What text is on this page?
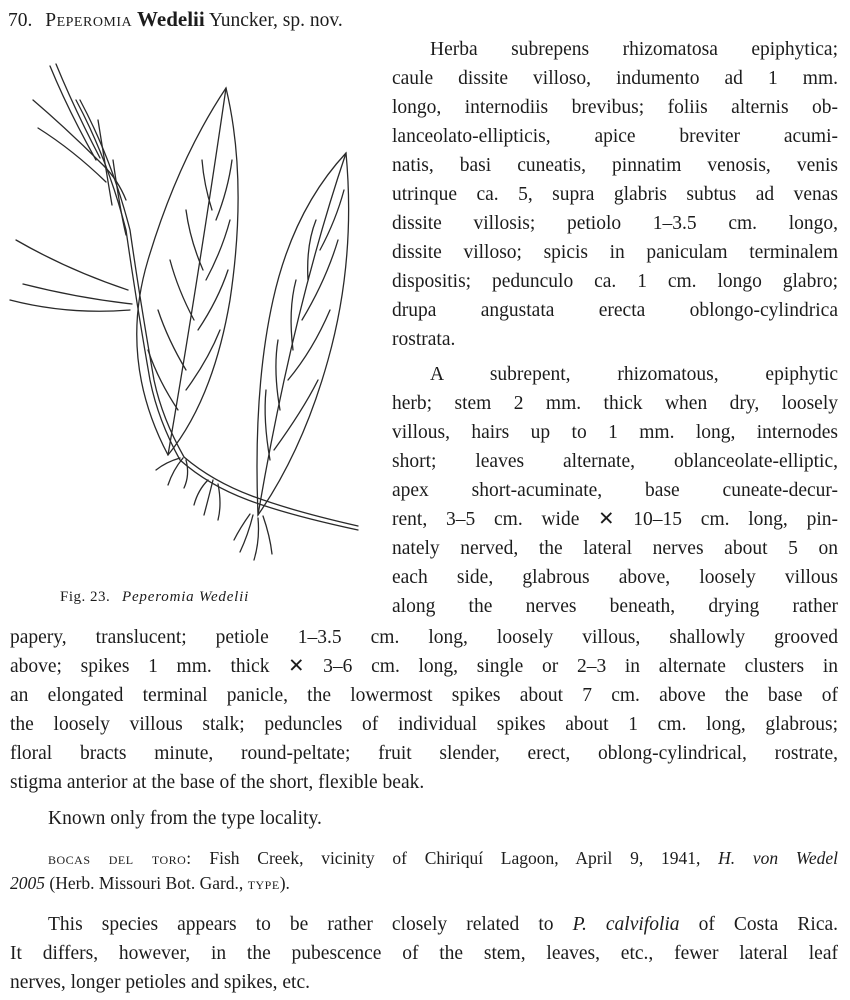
70. Peperomia Wedelii Yuncker, sp. nov.
Fig. 23. Peperomia Wedelii
Herba subrepens rhizomatosa epiphytica;
caule dissite villoso, indumento ad 1 mm.
longo, internodiis brevibus; foliis alternis ob-
lanceolato-ellipticis, apice breviter acumi-
natis, basi cuneatis, pinnatim venosis, venis
utrinque ca. 5, supra glabris subtus ad venas
dissite villosis; petiolo 1–3.5 cm. longo,
dissite villoso; spicis in paniculam terminalem
dispositis; pedunculo ca. 1 cm. longo glabro;
drupa angustata erecta oblongo-cylindrica
rostrata.
A subrepent, rhizomatous, epiphytic
herb; stem 2 mm. thick when dry, loosely
villous, hairs up to 1 mm. long, internodes
short; leaves alternate, oblanceolate-elliptic,
apex short-acuminate, base cuneate-decur-
rent, 3–5 cm. wide ✕ 10–15 cm. long, pin-
nately nerved, the lateral nerves about 5 on
each side, glabrous above, loosely villous
along the nerves beneath, drying rather
papery, translucent; petiole 1–3.5 cm. long, loosely villous, shallowly grooved
above; spikes 1 mm. thick ✕ 3–6 cm. long, single or 2–3 in alternate clusters in
an elongated terminal panicle, the lowermost spikes about 7 cm. above the base of
the loosely villous stalk; peduncles of individual spikes about 1 cm. long, glabrous;
floral bracts minute, round-peltate; fruit slender, erect, oblong-cylindrical, rostrate,
stigma anterior at the base of the short, flexible beak.
Known only from the type locality.
bocas del toro: Fish Creek, vicinity of Chiriquí Lagoon, April 9, 1941, H. von Wedel
2005 (Herb. Missouri Bot. Gard., type).
This species appears to be rather closely related to P. calvifolia of Costa Rica.
It differs, however, in the pubescence of the stem, leaves, etc., fewer lateral leaf
nerves, longer petioles and spikes, etc.
